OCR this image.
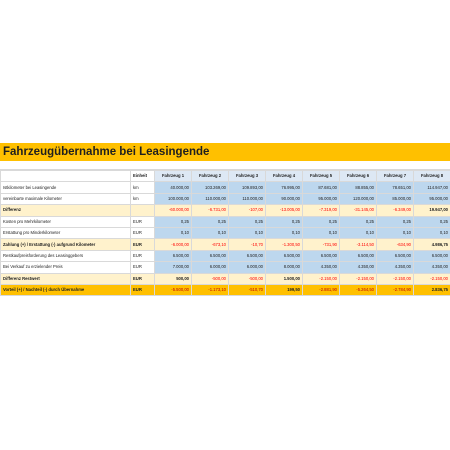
Fahrzeugübernahme bei Leasingende
	Einheit	Fahrzeug 1	Fahrzeug 2	Fahrzeug 3	Fahrzeug 4	Fahrzeug 5	Fahrzeug 6	Fahrzeug 7	Fahrzeug 8
Istkilometer bei Leasingende	km	40.000,00	103.269,00	109.893,00	76.995,00	87.681,00	88.855,00	78.651,00	114.947,00
vereinbarte maximale Kilometer	km	100.000,00	110.000,00	110.000,00	90.000,00	95.000,00	120.000,00	85.000,00	95.000,00
Differenz		-60.000,00	-6.731,00	-107,00	-13.005,00	-7.319,00	-31.145,00	-6.349,00	19.947,00
Kosten pro Mehrkilometer	EUR	0,25	0,25	0,25	0,25	0,25	0,25	0,25	0,25
Erstattung pro Minderkilometer	EUR	0,10	0,10	0,10	0,10	0,10	0,10	0,10	0,10
Zahlung (+) / Erstattung (-) aufgrund Kilometer	EUR	-6.000,00	-673,10	-10,70	-1.300,50	-731,90	-3.114,50	-634,90	4.986,75
Restkaufpreisforderung des Leasinggebers	EUR	6.500,00	6.500,00	6.500,00	6.500,00	6.500,00	6.500,00	6.500,00	6.500,00
Bei Verkauf zu erzielender Preis	EUR	7.000,00	6.000,00	6.000,00	8.000,00	4.350,00	4.350,00	4.350,00	4.350,00
Differenz Restwert	EUR	500,00	-500,00	-500,00	1.500,00	-2.150,00	-2.150,00	-2.150,00	-2.150,00
Vorteil (+) / Nachteil (-) durch Übernahme	EUR	-5.500,00	-1.173,10	-510,70	199,50	-2.881,90	-5.264,50	-2.784,90	2.836,75
